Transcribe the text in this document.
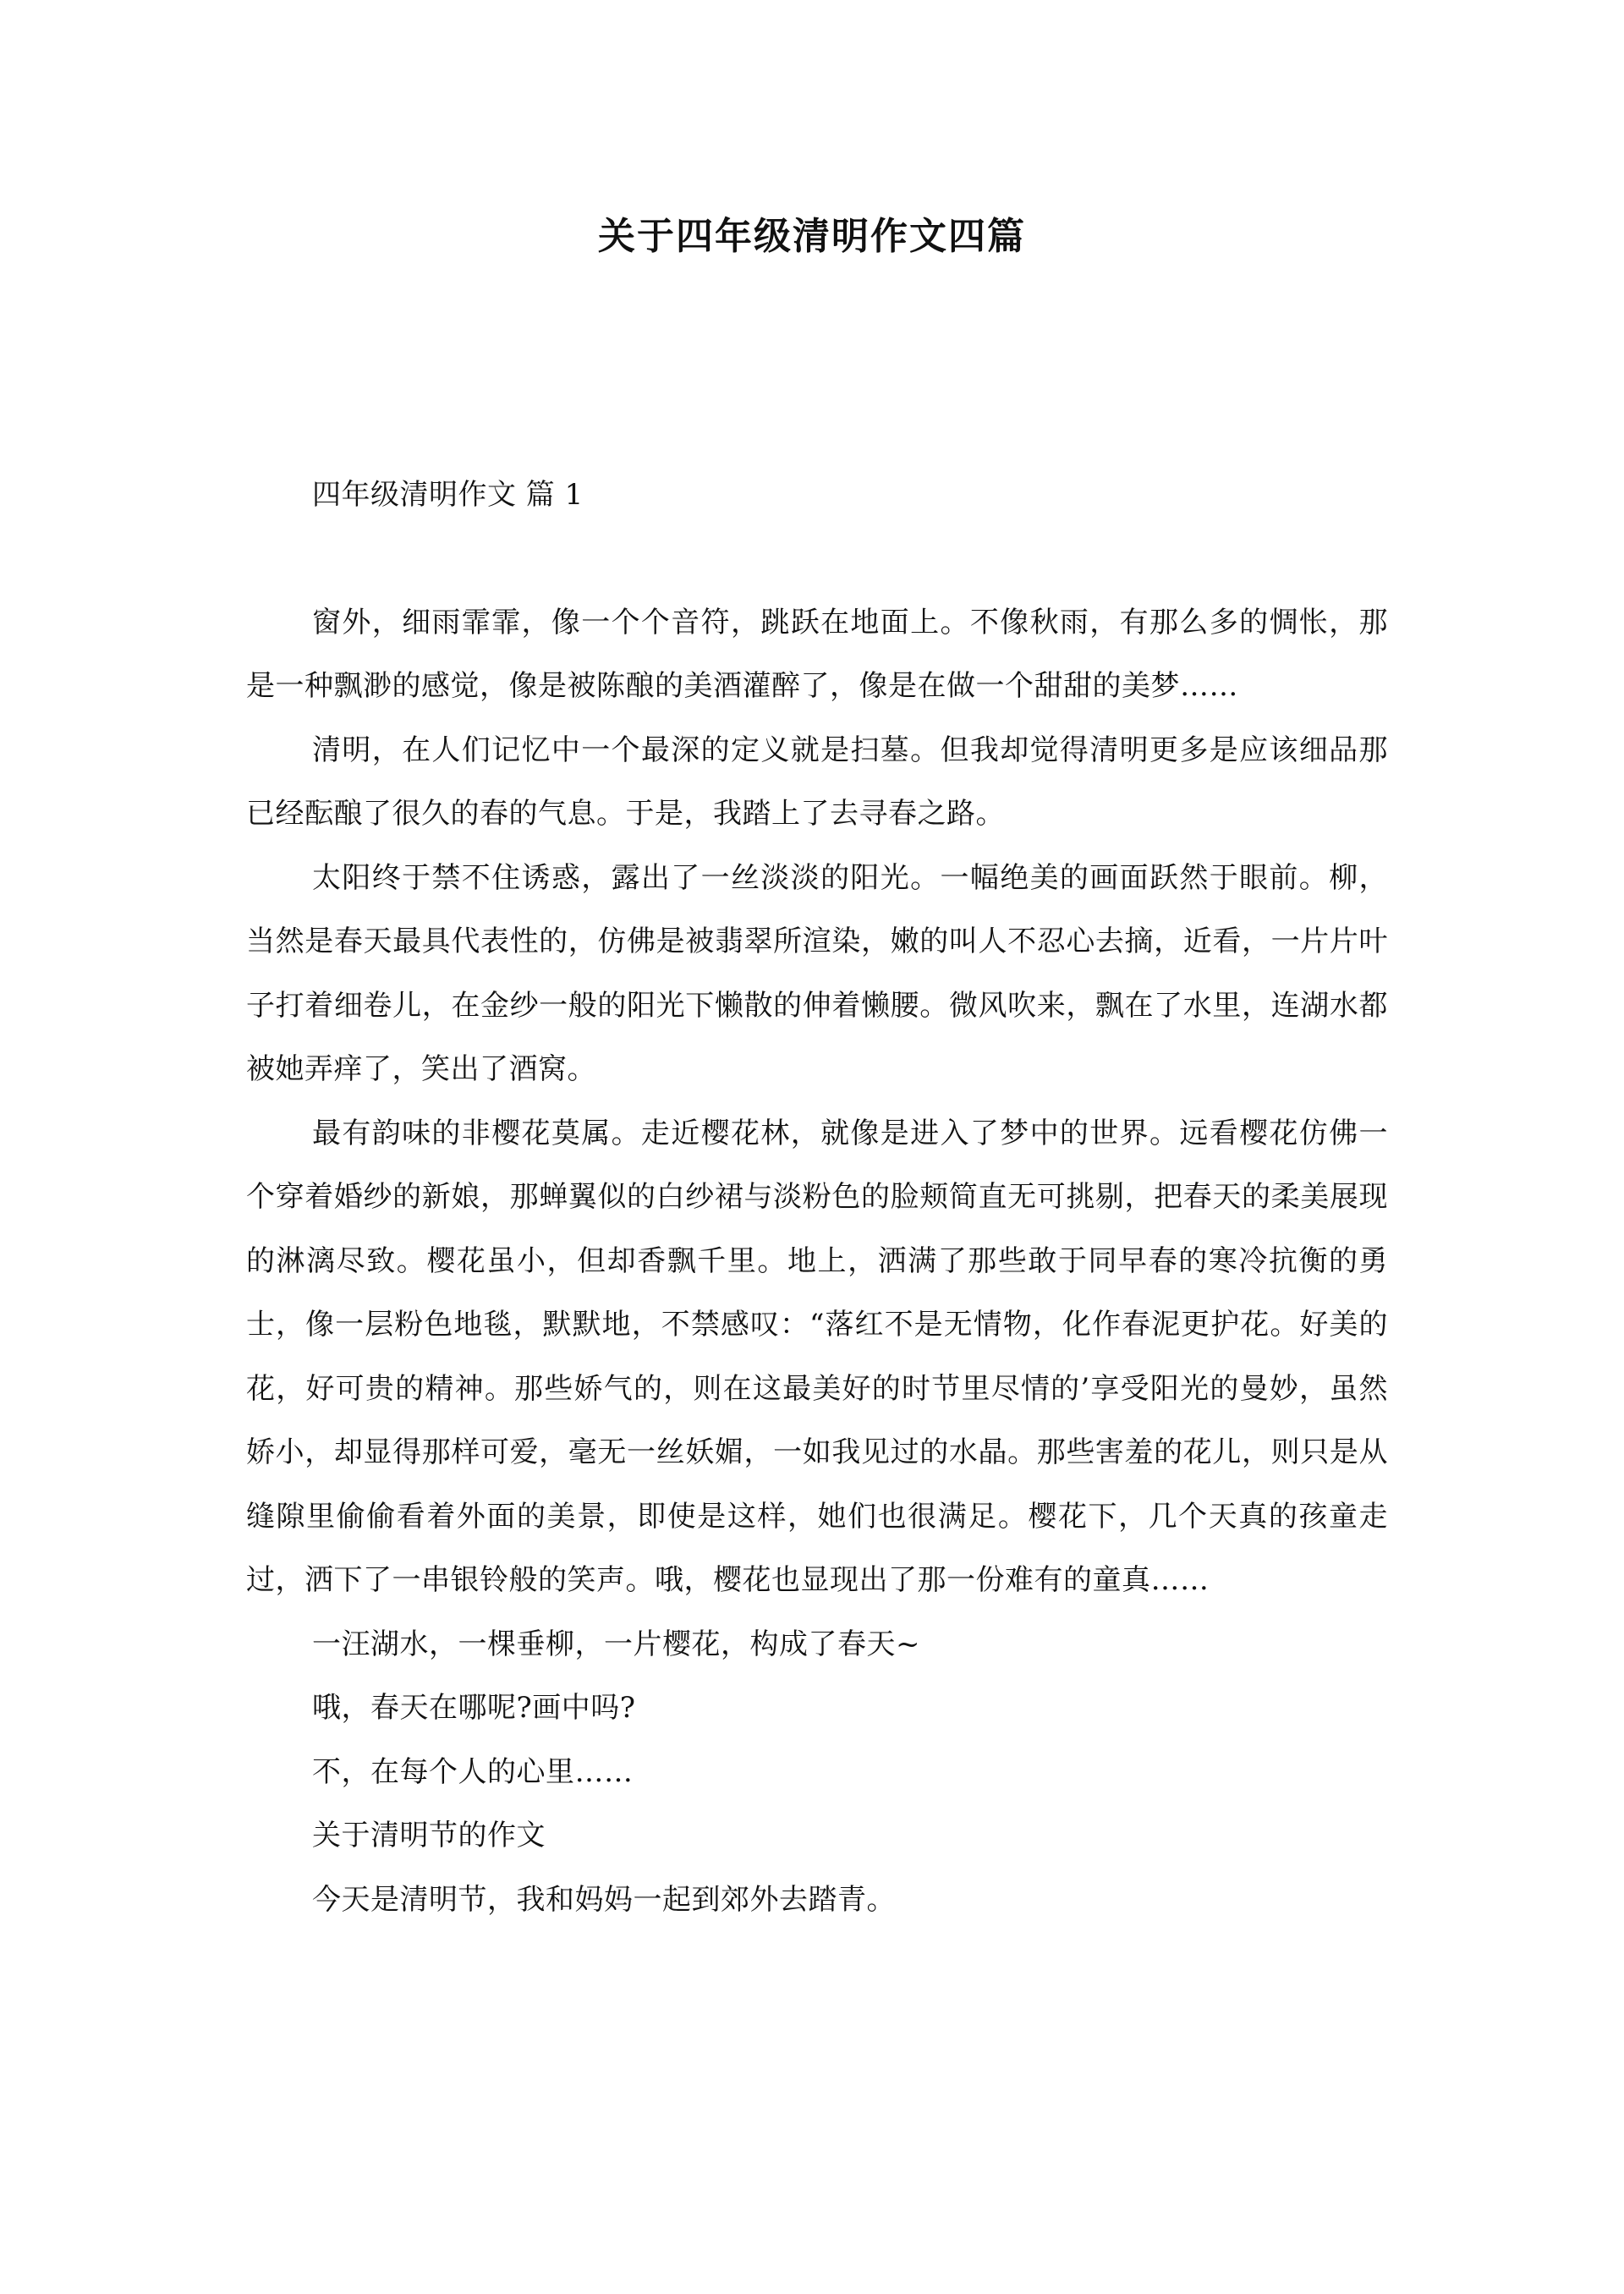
关于四年级清明作文四篇

四年级清明作文 篇 1

窗外，细雨霏霏，像一个个音符，跳跃在地面上。不像秋雨，有那么多的惆怅，那是一种飘渺的感觉，像是被陈酿的美酒灌醉了，像是在做一个甜甜的美梦……

清明，在人们记忆中一个最深的定义就是扫墓。但我却觉得清明更多是应该细品那已经酝酿了很久的春的气息。于是，我踏上了去寻春之路。

太阳终于禁不住诱惑，露出了一丝淡淡的阳光。一幅绝美的画面跃然于眼前。柳，当然是春天最具代表性的，仿佛是被翡翠所渲染，嫩的叫人不忍心去摘，近看，一片片叶子打着细卷儿，在金纱一般的阳光下懒散的伸着懒腰。微风吹来，飘在了水里，连湖水都被她弄痒了，笑出了酒窝。

最有韵味的非樱花莫属。走近樱花林，就像是进入了梦中的世界。远看樱花仿佛一个穿着婚纱的新娘，那蝉翼似的白纱裙与淡粉色的脸颊简直无可挑剔，把春天的柔美展现的淋漓尽致。樱花虽小，但却香飘千里。地上，洒满了那些敢于同早春的寒冷抗衡的勇士，像一层粉色地毯，默默地，不禁感叹：“落红不是无情物，化作春泥更护花。好美的花，好可贵的精神。那些娇气的，则在这最美好的时节里尽情的’享受阳光的曼妙，虽然娇小，却显得那样可爱，毫无一丝妖媚，一如我见过的水晶。那些害羞的花儿，则只是从缝隙里偷偷看着外面的美景，即使是这样，她们也很满足。樱花下，几个天真的孩童走过，洒下了一串银铃般的笑声。哦，樱花也显现出了那一份难有的童真……

一汪湖水，一棵垂柳，一片樱花，构成了春天~

哦，春天在哪呢?画中吗?

不，在每个人的心里……

关于清明节的作文

今天是清明节，我和妈妈一起到郊外去踏青。
